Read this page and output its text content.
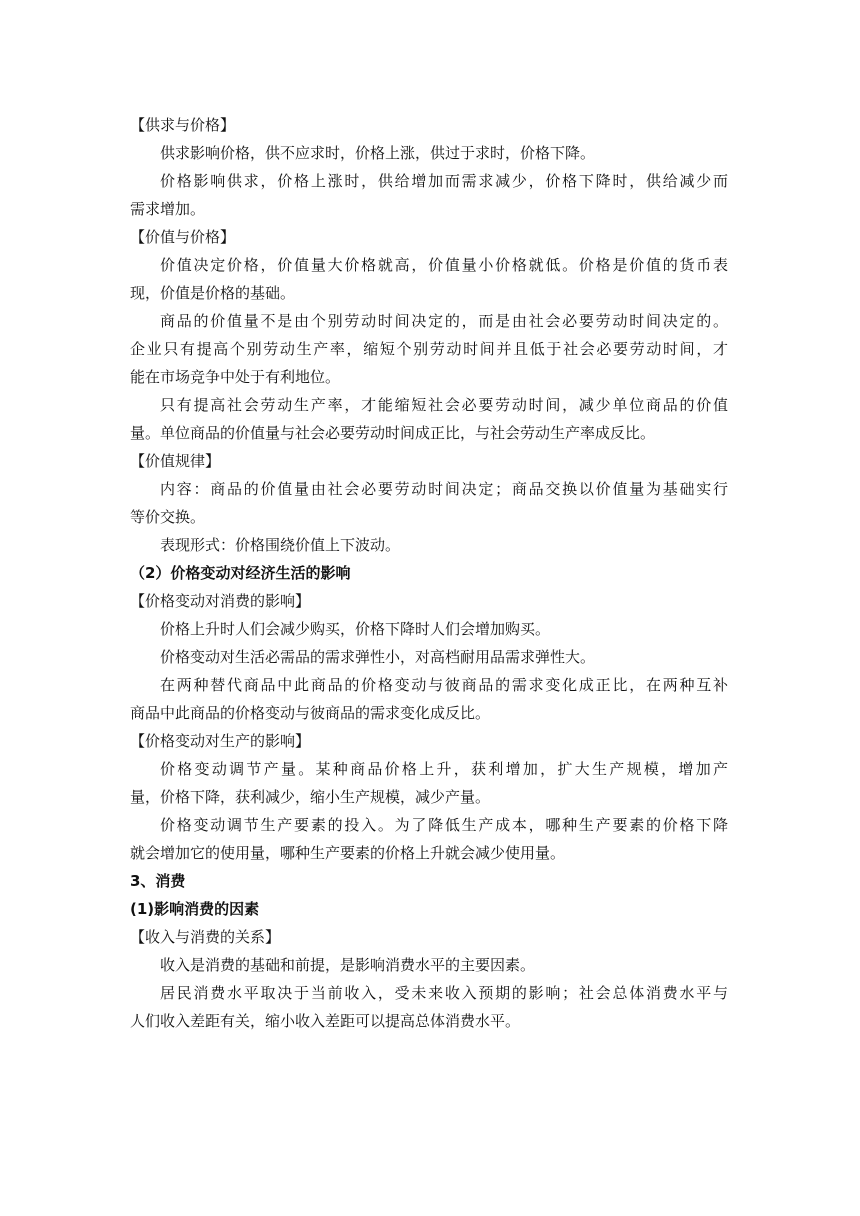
【供求与价格】
供求影响价格，供不应求时，价格上涨，供过于求时，价格下降。
价格影响供求，价格上涨时，供给增加而需求减少，价格下降时，供给减少而
需求增加。
【价值与价格】
价值决定价格，价值量大价格就高，价值量小价格就低。价格是价值的货币表
现，价值是价格的基础。
商品的价值量不是由个别劳动时间决定的，而是由社会必要劳动时间决定的。
企业只有提高个别劳动生产率，缩短个别劳动时间并且低于社会必要劳动时间，才
能在市场竞争中处于有利地位。
只有提高社会劳动生产率，才能缩短社会必要劳动时间，减少单位商品的价值
量。单位商品的价值量与社会必要劳动时间成正比，与社会劳动生产率成反比。
【价值规律】
内容：商品的价值量由社会必要劳动时间决定；商品交换以价值量为基础实行
等价交换。
表现形式：价格围绕价值上下波动。
（2）价格变动对经济生活的影响
【价格变动对消费的影响】
价格上升时人们会减少购买，价格下降时人们会增加购买。
价格变动对生活必需品的需求弹性小，对高档耐用品需求弹性大。
在两种替代商品中此商品的价格变动与彼商品的需求变化成正比，在两种互补
商品中此商品的价格变动与彼商品的需求变化成反比。
【价格变动对生产的影响】
价格变动调节产量。某种商品价格上升，获利增加，扩大生产规模，增加产
量，价格下降，获利减少，缩小生产规模，减少产量。
价格变动调节生产要素的投入。为了降低生产成本，哪种生产要素的价格下降
就会增加它的使用量，哪种生产要素的价格上升就会减少使用量。
3、消费
(1)影响消费的因素
【收入与消费的关系】
收入是消费的基础和前提，是影响消费水平的主要因素。
居民消费水平取决于当前收入，受未来收入预期的影响；社会总体消费水平与
人们收入差距有关，缩小收入差距可以提高总体消费水平。
